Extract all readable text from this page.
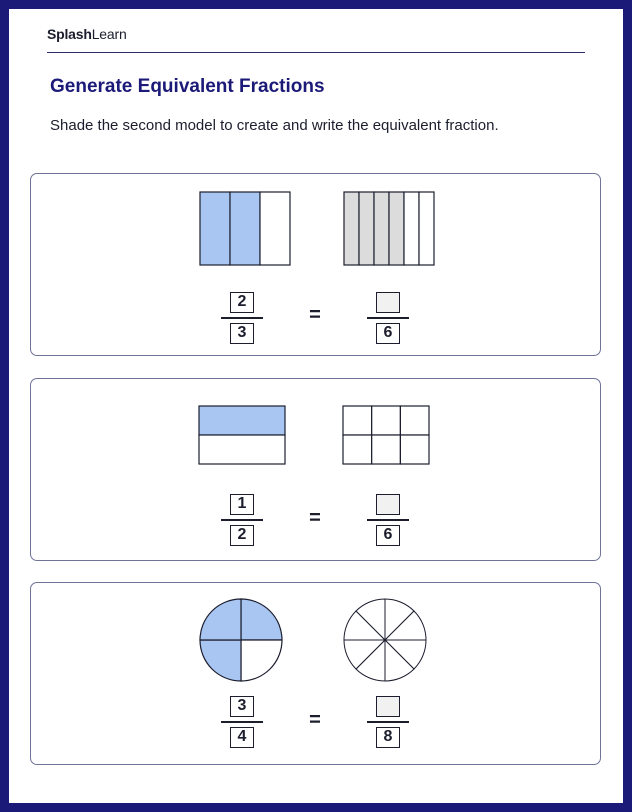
SplashLearn
Generate Equivalent Fractions

Shade the second model to create and write the equivalent fraction.

$\frac{2}{3}$
=
6
$\frac{1}{2}$
=
6
$\frac{3}{4}$
=
8
